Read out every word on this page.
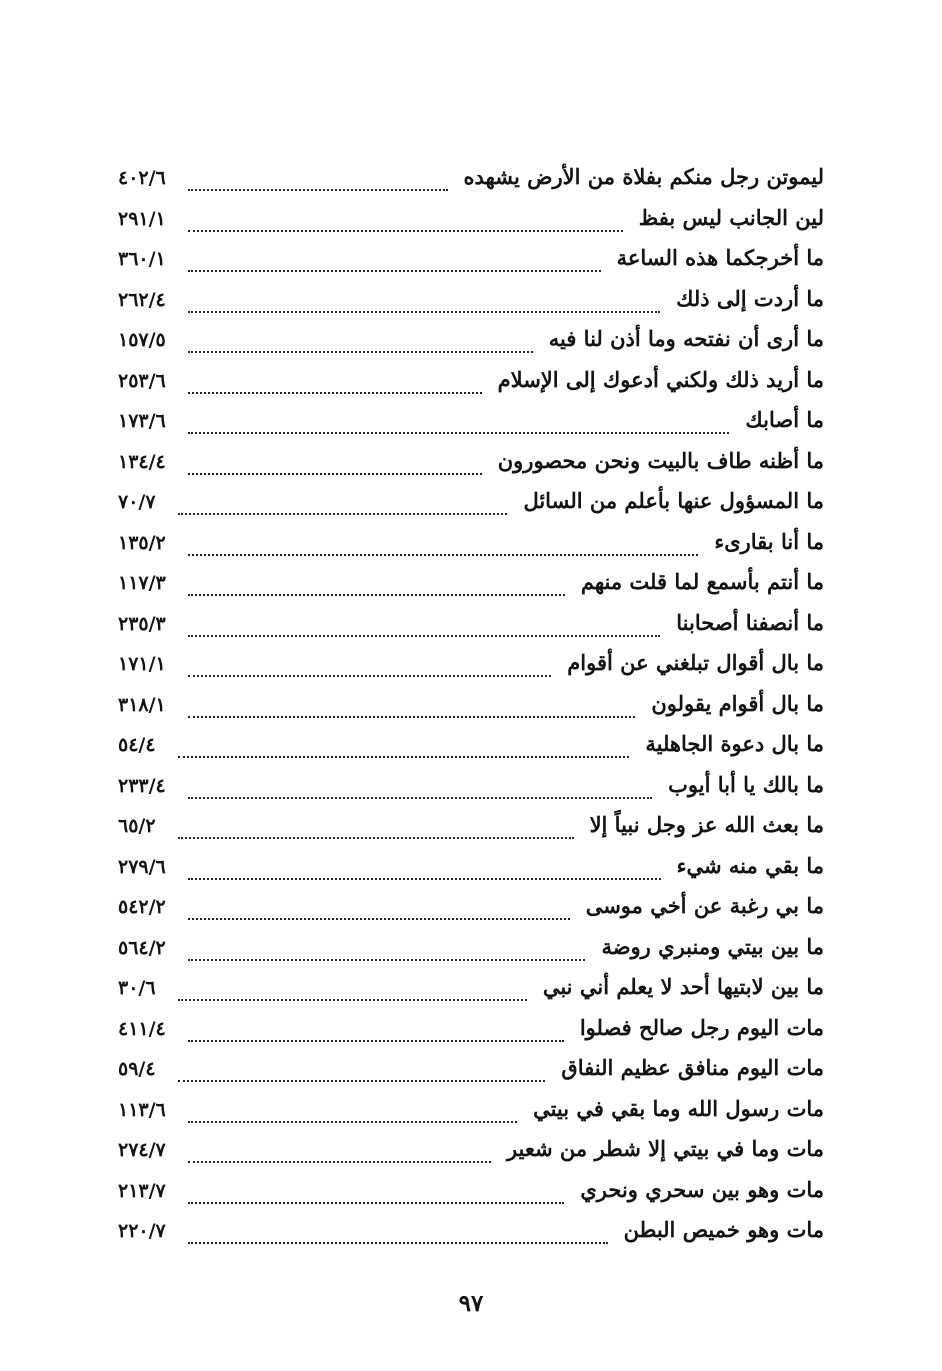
ليموتن رجل منكم بفلاة من الأرض يشهده
٤٠٢/٦
لين الجانب ليس بفظ
٢٩١/١
ما أخرجكما هذه الساعة
٣٦٠/١
ما أردت إلى ذلك
٢٦٢/٤
ما أرى أن نفتحه وما أذن لنا فيه
١٥٧/٥
ما أريد ذلك ولكني أدعوك إلى الإسلام
٢٥٣/٦
ما أصابك
١٧٣/٦
ما أظنه طاف بالبيت ونحن محصورون
١٣٤/٤
ما المسؤول عنها بأعلم من السائل
٧٠/٧
ما أنا بقارىء
١٣٥/٢
ما أنتم بأسمع لما قلت منهم
١١٧/٣
ما أنصفنا أصحابنا
٢٣٥/٣
ما بال أقوال تبلغني عن أقوام
١٧١/١
ما بال أقوام يقولون
٣١٨/١
ما بال دعوة الجاهلية
٥٤/٤
ما بالك يا أبا أيوب
٢٣٣/٤
ما بعث الله عز وجل نبياً إلا
٦٥/٢
ما بقي منه شيء
٢٧٩/٦
ما بي رغبة عن أخي موسى
٥٤٢/٢
ما بين بيتي ومنبري روضة
٥٦٤/٢
ما بين لابتيها أحد لا يعلم أني نبي
٣٠/٦
مات اليوم رجل صالح فصلوا
٤١١/٤
مات اليوم منافق عظيم النفاق
٥٩/٤
مات رسول الله وما بقي في بيتي
١١٣/٦
مات وما في بيتي إلا شطر من شعير
٢٧٤/٧
مات وهو بين سحري ونحري
٢١٣/٧
مات وهو خميص البطن
٢٢٠/٧
٩٧
